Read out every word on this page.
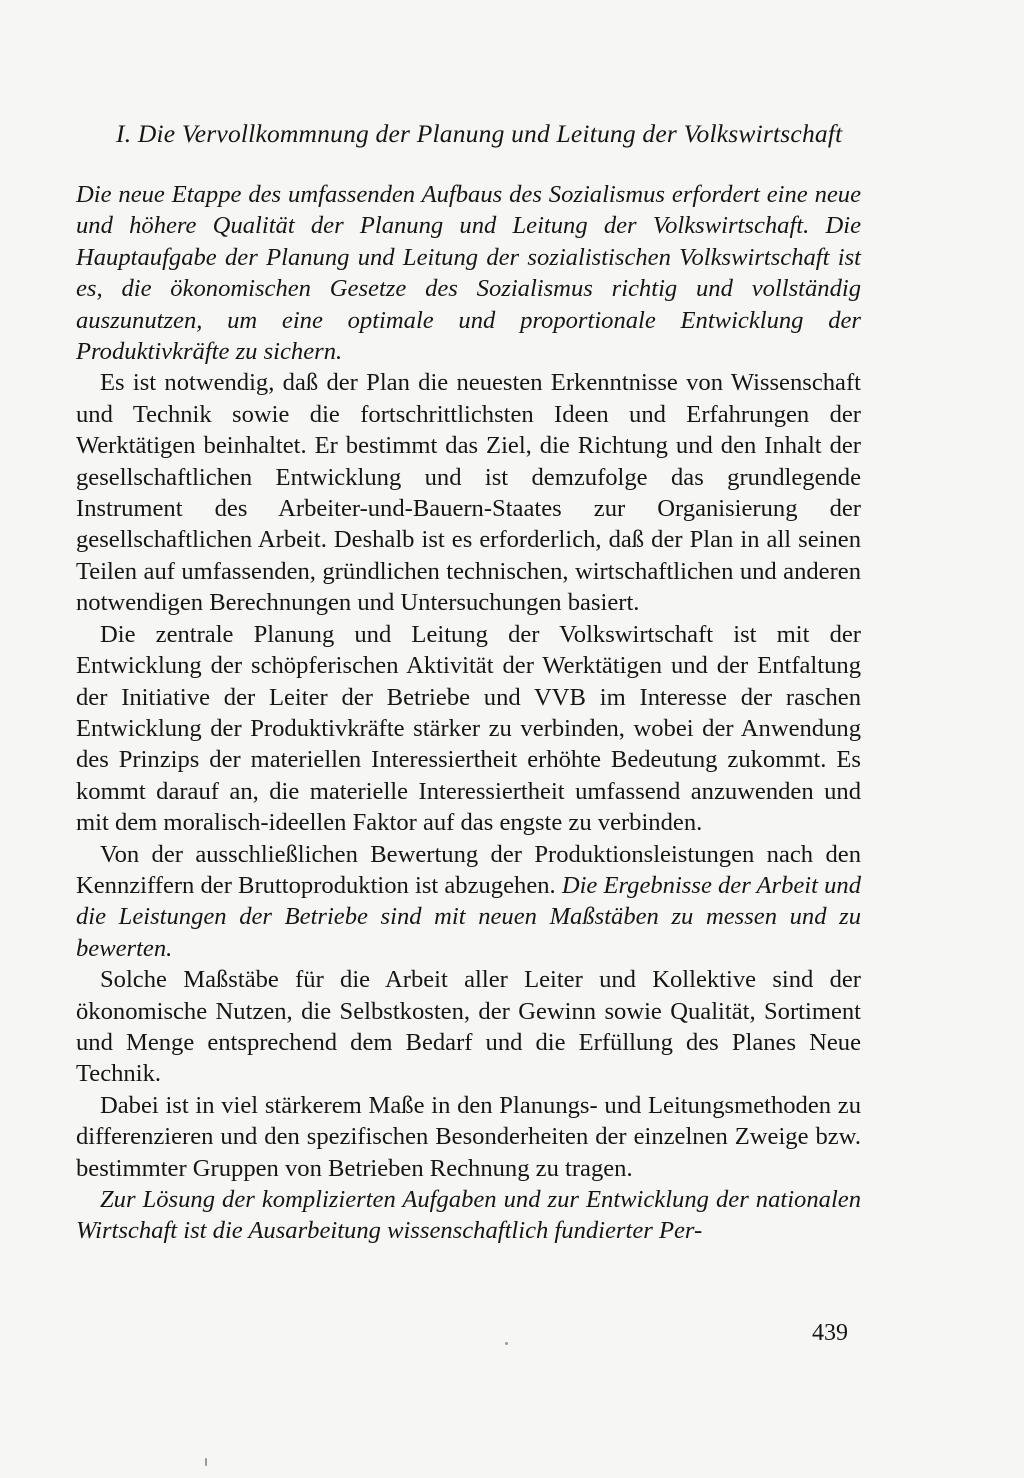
I. Die Vervollkommnung der Planung und Leitung der Volkswirtschaft

Die neue Etappe des umfassenden Aufbaus des Sozialismus erfordert eine neue und höhere Qualität der Planung und Leitung der Volkswirtschaft. Die Hauptaufgabe der Planung und Leitung der sozialistischen Volkswirtschaft ist es, die ökonomischen Gesetze des Sozialismus richtig und vollständig auszunutzen, um eine optimale und proportionale Entwicklung der Produktivkräfte zu sichern.

Es ist notwendig, daß der Plan die neuesten Erkenntnisse von Wissenschaft und Technik sowie die fortschrittlichsten Ideen und Erfahrungen der Werktätigen beinhaltet. Er bestimmt das Ziel, die Richtung und den Inhalt der gesellschaftlichen Entwicklung und ist demzufolge das grundlegende Instrument des Arbeiter-und-Bauern-Staates zur Organisierung der gesellschaftlichen Arbeit. Deshalb ist es erforderlich, daß der Plan in all seinen Teilen auf umfassenden, gründlichen technischen, wirtschaftlichen und anderen notwendigen Berechnungen und Untersuchungen basiert.

Die zentrale Planung und Leitung der Volkswirtschaft ist mit der Entwicklung der schöpferischen Aktivität der Werktätigen und der Entfaltung der Initiative der Leiter der Betriebe und VVB im Interesse der raschen Entwicklung der Produktivkräfte stärker zu verbinden, wobei der Anwendung des Prinzips der materiellen Interessiertheit erhöhte Bedeutung zukommt. Es kommt darauf an, die materielle Interessiertheit umfassend anzuwenden und mit dem moralisch-ideellen Faktor auf das engste zu verbinden.

Von der ausschließlichen Bewertung der Produktionsleistungen nach den Kennziffern der Bruttoproduktion ist abzugehen. Die Ergebnisse der Arbeit und die Leistungen der Betriebe sind mit neuen Maßstäben zu messen und zu bewerten.

Solche Maßstäbe für die Arbeit aller Leiter und Kollektive sind der ökonomische Nutzen, die Selbstkosten, der Gewinn sowie Qualität, Sortiment und Menge entsprechend dem Bedarf und die Erfüllung des Planes Neue Technik.

Dabei ist in viel stärkerem Maße in den Planungs- und Leitungsmethoden zu differenzieren und den spezifischen Besonderheiten der einzelnen Zweige bzw. bestimmter Gruppen von Betrieben Rechnung zu tragen.

Zur Lösung der komplizierten Aufgaben und zur Entwicklung der nationalen Wirtschaft ist die Ausarbeitung wissenschaftlich fundierter Per-

439
